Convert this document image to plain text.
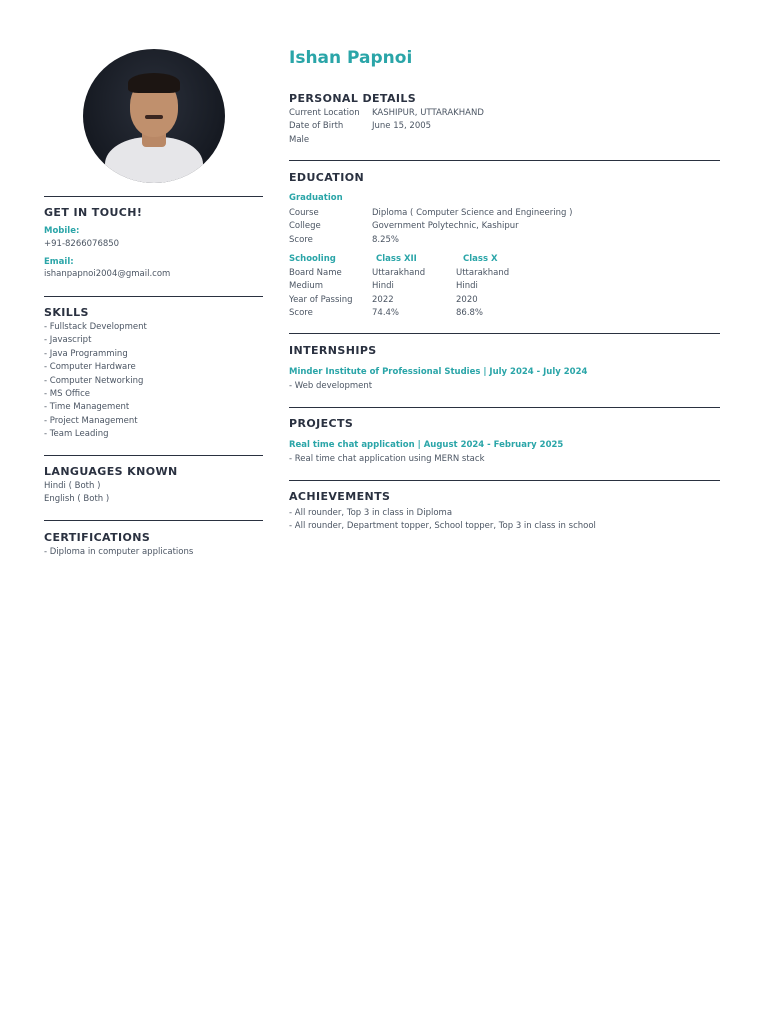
GET IN TOUCH!
Mobile:
+91-8266076850
Email:
ishanpapnoi2004@gmail.com
SKILLS
- Fullstack Development
- Javascript
- Java Programming
- Computer Hardware
- Computer Networking
- MS Office
- Time Management
- Project Management
- Team Leading
LANGUAGES KNOWN
Hindi ( Both )
English ( Both )
CERTIFICATIONS
- Diploma in computer applications
Ishan Papnoi
PERSONAL DETAILS
Current Location	KASHIPUR, UTTARAKHAND
Date of Birth	June 15, 2005
Male
EDUCATION
Graduation
Course	Diploma ( Computer Science and Engineering )
College	Government Polytechnic, Kashipur
Score	8.25%
Schooling	Class XII	Class X
Board Name	Uttarakhand	Uttarakhand
Medium	Hindi	Hindi
Year of Passing	2022	2020
Score	74.4%	86.8%
INTERNSHIPS
Minder Institute of Professional Studies | July 2024 - July 2024
- Web development
PROJECTS
Real time chat application | August 2024 - February 2025
- Real time chat application using MERN stack
ACHIEVEMENTS
- All rounder, Top 3 in class in Diploma
- All rounder, Department topper, School topper, Top 3 in class in school
